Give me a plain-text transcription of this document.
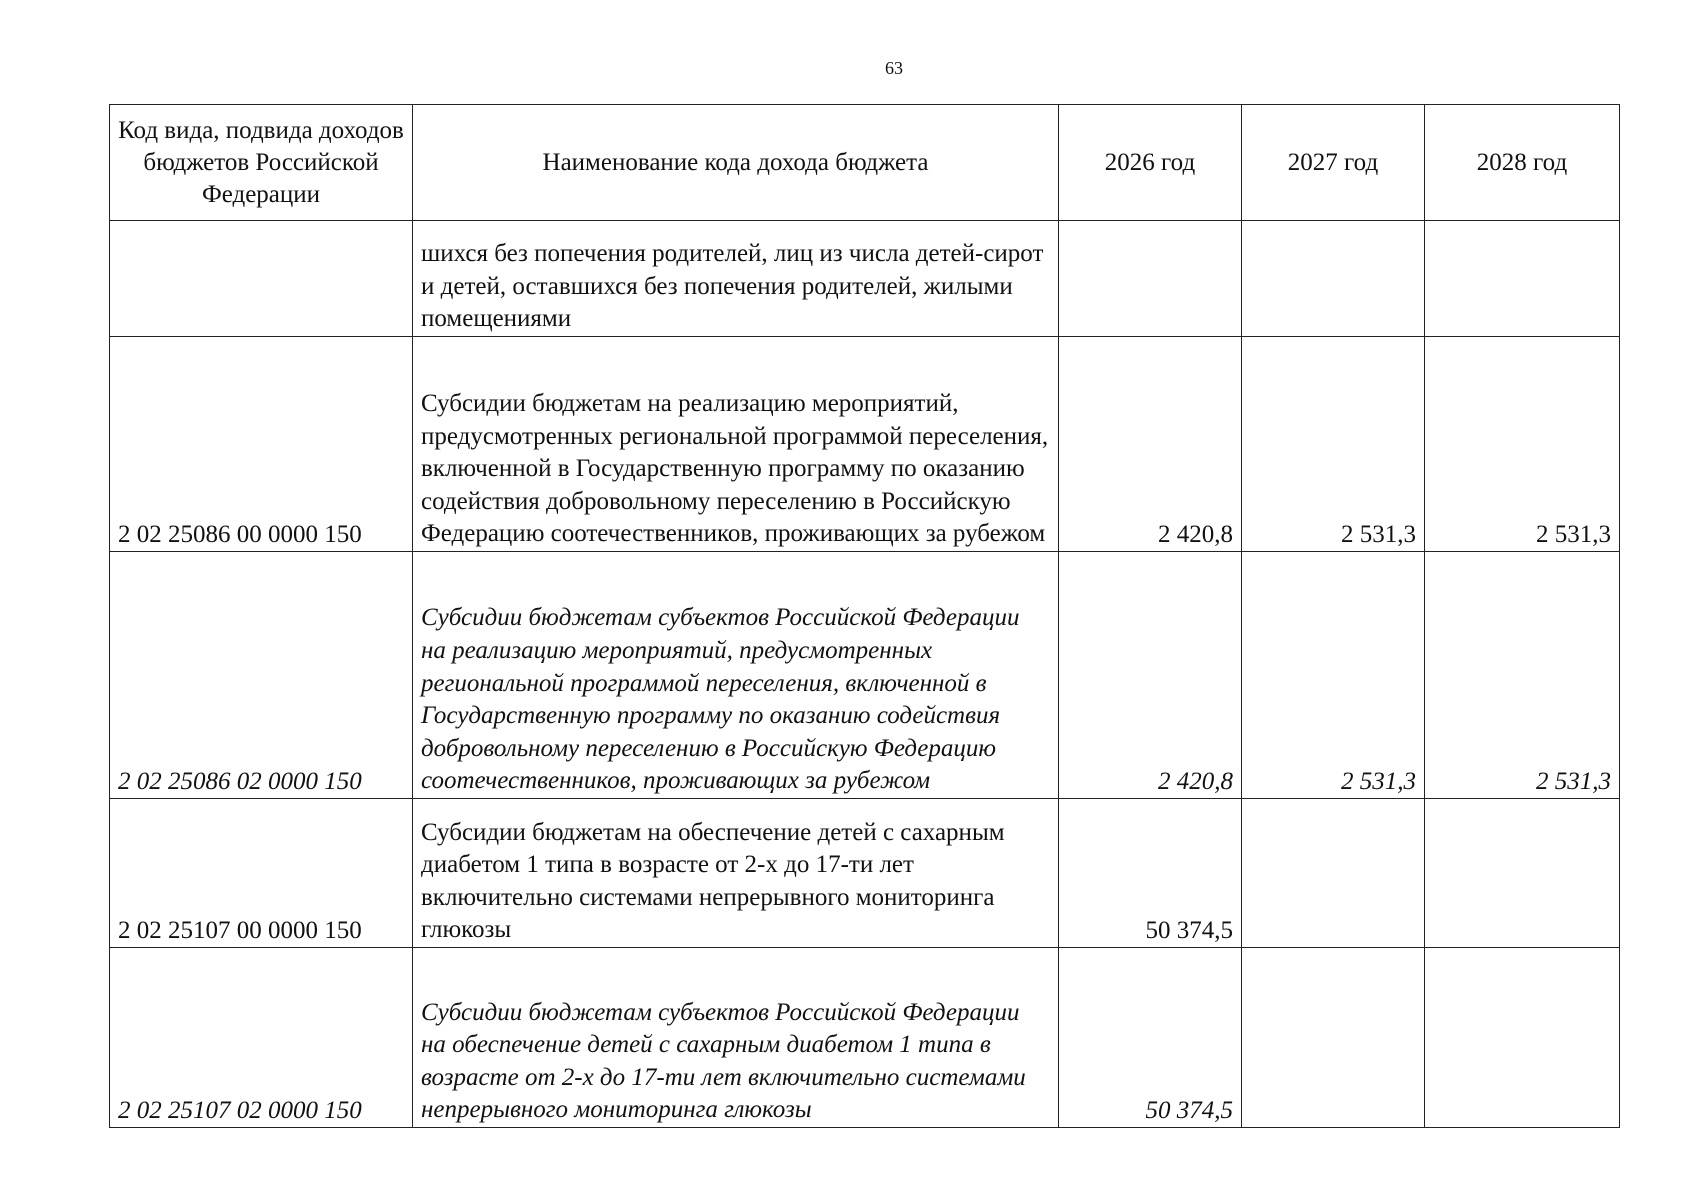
63
Код вида, подвида доходов бюджетов Российской Федерации	Наименование кода дохода бюджета	2026 год	2027 год	2028 год
	шихся без попечения родителей, лиц из числа детей-сирот и детей, оставшихся без попечения родителей, жилыми помещениями			
2 02 25086 00 0000 150	Субсидии бюджетам на реализацию мероприятий, предусмотренных региональной программой переселения, включенной в Государственную программу по оказанию содействия добровольному переселению в Российскую Федерацию соотечественников, проживающих за рубежом	2 420,8	2 531,3	2 531,3
2 02 25086 02 0000 150	Субсидии бюджетам субъектов Российской Федерации на реализацию мероприятий, предусмотренных региональной программой переселения, включенной в Государственную программу по оказанию содействия добровольному переселению в Российскую Федерацию соотечественников, проживающих за рубежом	2 420,8	2 531,3	2 531,3
2 02 25107 00 0000 150	Субсидии бюджетам на обеспечение детей с сахарным диабетом 1 типа в возрасте от 2-х до 17-ти лет включительно системами непрерывного мониторинга глюкозы	50 374,5		
2 02 25107 02 0000 150	Субсидии бюджетам субъектов Российской Федерации на обеспечение детей с сахарным диабетом 1 типа в возрасте от 2-х до 17-ти лет включительно системами непрерывного мониторинга глюкозы	50 374,5		
